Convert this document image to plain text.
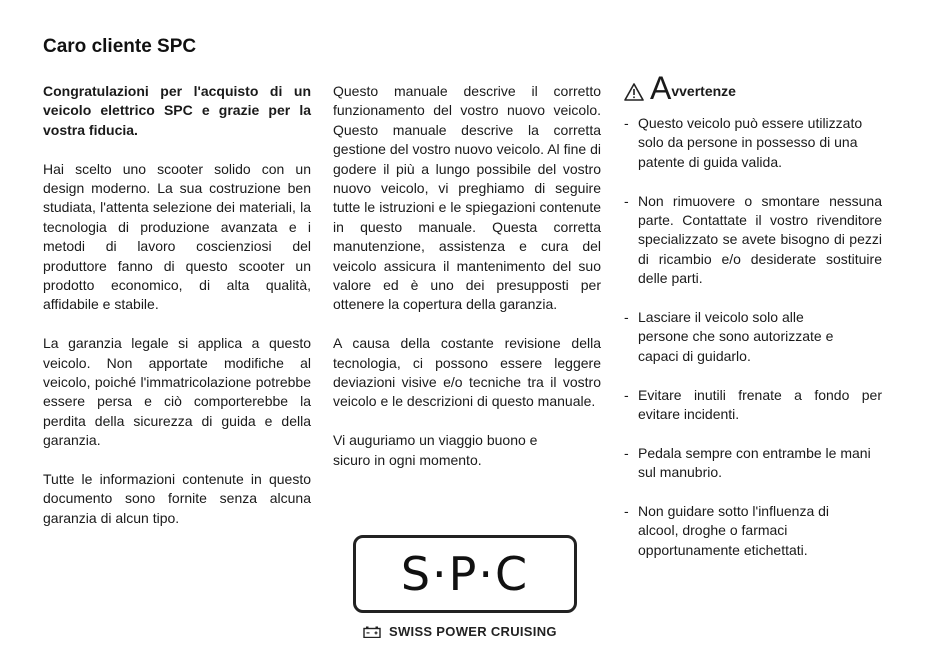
Caro cliente SPC

Congratulazioni per l'acquisto di un veicolo elettrico SPC e grazie per la vostra fiducia.

Hai scelto uno scooter solido con un design moderno. La sua costruzione ben studiata, l'attenta selezione dei materiali, la tecnologia di produzione avanzata e i metodi di lavoro coscienziosi del produttore fanno di questo scooter un prodotto economico, di alta qualità, affidabile e stabile.

La garanzia legale si applica a questo veicolo. Non apportate modifiche al veicolo, poiché l'immatricolazione potrebbe essere persa e ciò comporterebbe la perdita della sicurezza di guida e della garanzia.

Tutte le informazioni contenute in questo documento sono fornite senza alcuna garanzia di alcun tipo.

Questo manuale descrive il corretto funzionamento del vostro nuovo veicolo. Questo manuale descrive la corretta gestione del vostro nuovo veicolo. Al fine di godere il più a lungo possibile del vostro nuovo veicolo, vi preghiamo di seguire tutte le istruzioni e le spiegazioni contenute in questo manuale. Questa corretta manutenzione, assistenza e cura del veicolo assicura il mantenimento del suo valore ed è uno dei presupposti per ottenere la copertura della garanzia.

A causa della costante revisione della tecnologia, ci possono essere leggere deviazioni visive e/o tecniche tra il vostro veicolo e le descrizioni di questo manuale.

Vi auguriamo un viaggio buono e sicuro in ogni momento.

A vvertenze
- Questo veicolo può essere utilizzato solo da persone in possesso di una patente di guida valida.
- Non rimuovere o smontare nessuna parte. Contattate il vostro rivenditore specializzato se avete bisogno di pezzi di ricambio e/o desiderate sostituire delle parti.
- Lasciare il veicolo solo alle persone che sono autorizzate e capaci di guidarlo.
- Evitare inutili frenate a fondo per evitare incidenti.
- Pedala sempre con entrambe le mani sul manubrio.
- Non guidare sotto l'influenza di alcool, droghe o farmaci opportunamente etichettati.
S·P·C
SWISS POWER CRUISING
